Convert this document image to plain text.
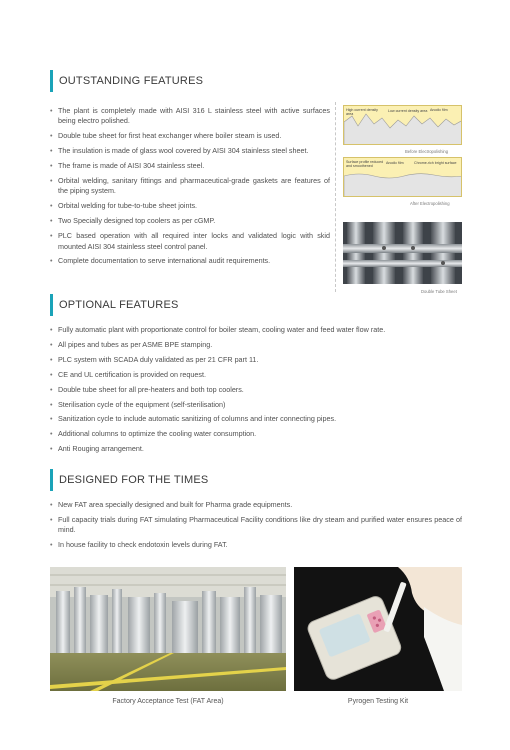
OUTSTANDING FEATURES
• The plant is completely made with AISI 316 L stainless steel with active surfaces being electro polished.
• Double tube sheet for first heat exchanger where boiler steam is used.
• The insulation is made of glass wool covered by AISI 304 stainless steel sheet.
• The frame is made of AISI 304 stainless steel.
• Orbital welding, sanitary fittings and pharmaceutical-grade gaskets are features of the piping system.
• Orbital welding for tube-to-tube sheet joints.
• Two Specially designed top coolers as per cGMP.
• PLC based operation with all required inter locks and validated logic with skid mounted AISI 304 stainless steel control panel.
• Complete documentation to serve international audit requirements.
High current density area
Low current density area Anodic film
Before Electropolishing
Surface profile reduced and smoothened
Anodic film	Chrome-rich bright surface
After Electropolishing
Double Tube Sheet
OPTIONAL FEATURES
• Fully automatic plant with proportionate control for boiler steam, cooling water and feed water flow rate.
• All pipes and tubes as per ASME BPE stamping.
• PLC system with SCADA duly validated as per 21 CFR part 11.
• CE and UL certification is provided on request.
• Double tube sheet for all pre-heaters and both top coolers.
• Sterilisation cycle of the equipment (self-sterilisation)
• Sanitization cycle to include automatic sanitizing of columns and inter connecting pipes.
• Additional columns to optimize the cooling water consumption.
• Anti Rouging arrangement.
DESIGNED FOR THE TIMES
• New FAT area specially designed and built for Pharma grade equipments.
• Full capacity trials during FAT simulating Pharmaceutical Facility conditions like dry steam and purified water ensures peace of mind.
• In house facility to check endotoxin levels during FAT.
Factory Acceptance Test (FAT Area)	Pyrogen Testing Kit
